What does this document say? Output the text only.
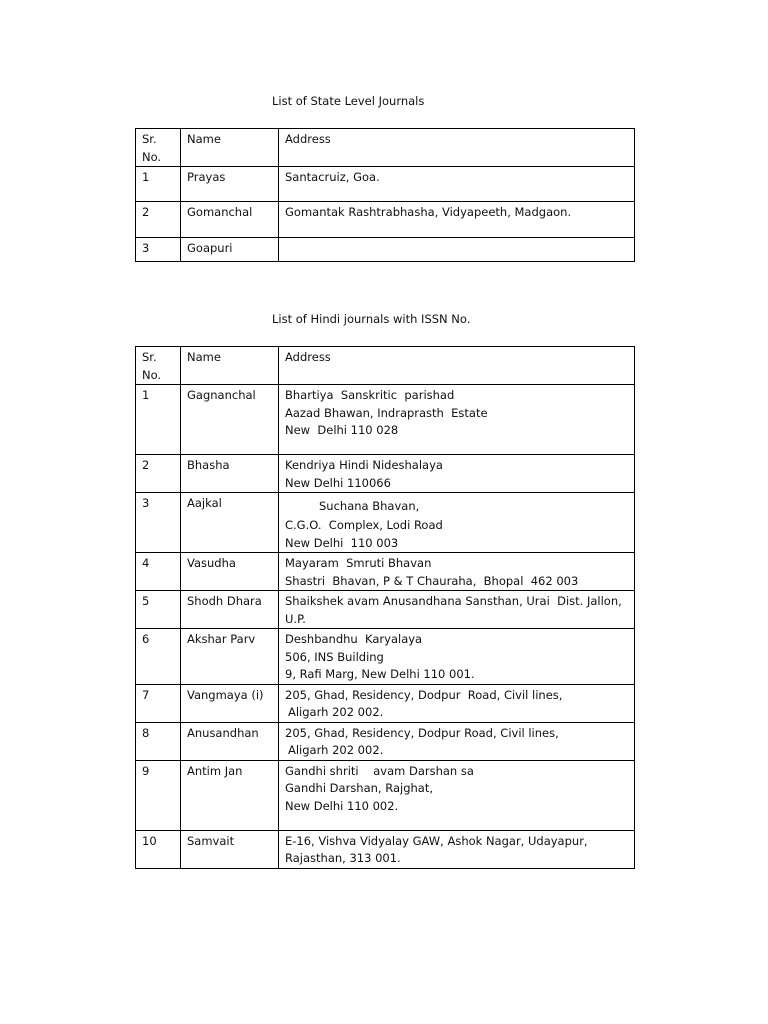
List of State Level Journals
Sr.
No.	Name	Address
1	Prayas	Santacruiz, Goa.
2	Gomanchal	Gomantak Rashtrabhasha, Vidyapeeth, Madgaon.
3	Goapuri	
List of Hindi journals with ISSN No.
Sr.
No.	Name	Address
1	Gagnanchal	Bhartiya  Sanskritic  parishad
Aazad Bhawan, Indraprasth  Estate
New  Delhi 110 028

2	Bhasha	Kendriya Hindi Nideshalaya
New Delhi 110066

3	Aajkal	Suchana Bhavan,
C.G.O.  Complex, Lodi Road
New Delhi  110 003

4	Vasudha	Mayaram  Smruti Bhavan
Shastri  Bhavan, P & T Chauraha,  Bhopal  462 003

5	Shodh Dhara	Shaikshek avam Anusandhana Sansthan, Urai  Dist. Jallon,
U.P.

6	Akshar Parv	Deshbandhu  Karyalaya
506, INS Building
9, Rafi Marg, New Delhi 110 001.

7	Vangmaya (i)	205, Ghad, Residency, Dodpur  Road, Civil lines,
Aligarh 202 002.

8	Anusandhan	205, Ghad, Residency, Dodpur Road, Civil lines,
Aligarh 202 002.

9	Antim Jan	Gandhi shriti    avam Darshan sa
Gandhi Darshan, Rajghat,
New Delhi 110 002.

10	Samvait	E-16, Vishva Vidyalay GAW, Ashok Nagar, Udayapur,
Rajasthan, 313 001.
